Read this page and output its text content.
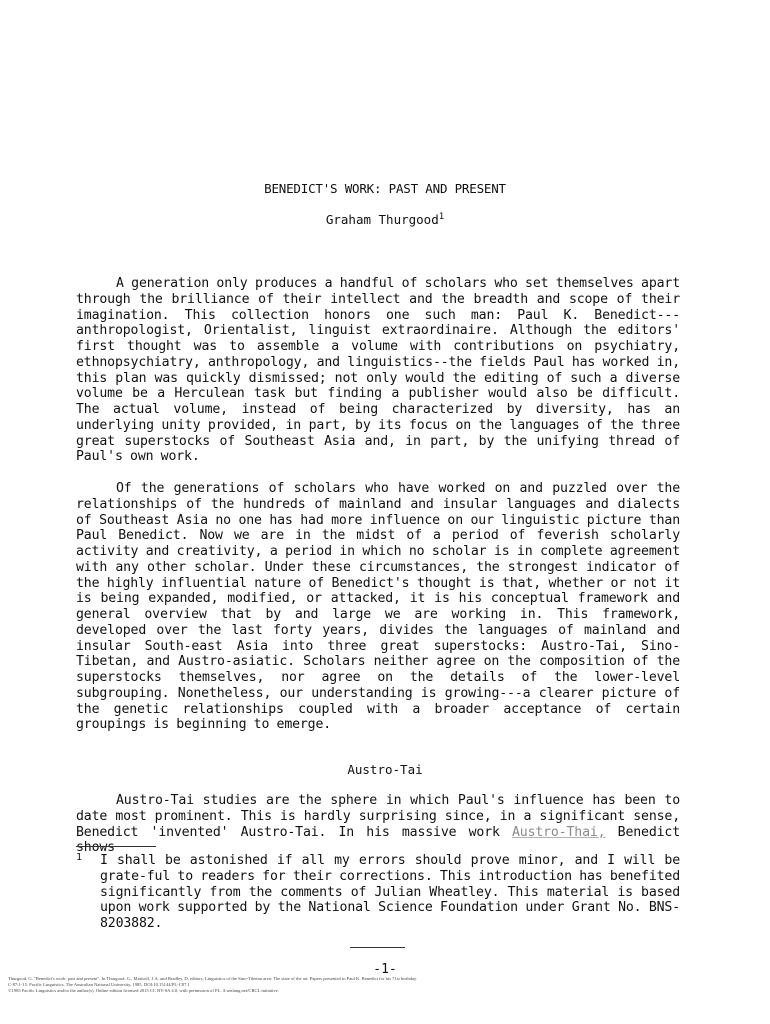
BENEDICT'S WORK: PAST AND PRESENT
Graham Thurgood$^1$

A generation only produces a handful of scholars who set themselves apart through the brilliance of their intellect and the breadth and scope of their imagination. This collection honors one such man: Paul K. Benedict---anthropologist, Orientalist, linguist extraordinaire. Although the editors' first thought was to assemble a volume with contributions on psychiatry, ethnopsychiatry, anthropology, and linguistics--the fields Paul has worked in, this plan was quickly dismissed; not only would the editing of such a diverse volume be a Herculean task but finding a publisher would also be difficult. The actual volume, instead of being characterized by diversity, has an underlying unity provided, in part, by its focus on the languages of the three great superstocks of Southeast Asia and, in part, by the unifying thread of Paul's own work.

Of the generations of scholars who have worked on and puzzled over the relationships of the hundreds of mainland and insular languages and dialects of Southeast Asia no one has had more influence on our linguistic picture than Paul Benedict. Now we are in the midst of a period of feverish scholarly activity and creativity, a period in which no scholar is in complete agreement with any other scholar. Under these circumstances, the strongest indicator of the highly influential nature of Benedict's thought is that, whether or not it is being expanded, modified, or attacked, it is his conceptual framework and general overview that by and large we are working in. This framework, developed over the last forty years, divides the languages of mainland and insular South-east Asia into three great superstocks: Austro-Tai, Sino-Tibetan, and Austro-asiatic. Scholars neither agree on the composition of the superstocks themselves, nor agree on the details of the lower-level subgrouping. Nonetheless, our understanding is growing---a clearer picture of the genetic relationships coupled with a broader acceptance of certain groupings is beginning to emerge.

Austro-Tai

Austro-Tai studies are the sphere in which Paul's influence has been to date most prominent. This is hardly surprising since, in a significant sense, Benedict 'invented' Austro-Tai. In his massive work Austro-Thai, Benedict shows

1 I shall be astonished if all my errors should prove minor, and I will be grate-ful to readers for their corrections. This introduction has benefited significantly from the comments of Julian Wheatley. This material is based upon work supported by the National Science Foundation under Grant No. BNS-8203882.
-1-
Thurgood, G. "Benedict's work: past and present". In Thurgood, G., Matisoff, J.A. and Bradley, D. editors, Linguistics of the Sino-Tibetan area: The state of the art. Papers presented to Paul K. Benedict for his 71st birthday.
C-87:1-15. Pacific Linguistics, The Australian National University, 1985. DOI:10.15144/PL-C87.1
©1985 Pacific Linguistics and/or the author(s). Online edition licensed 2015 CC BY-SA 4.0, with permission of PL. A sealang.net/CRCL initiative.
